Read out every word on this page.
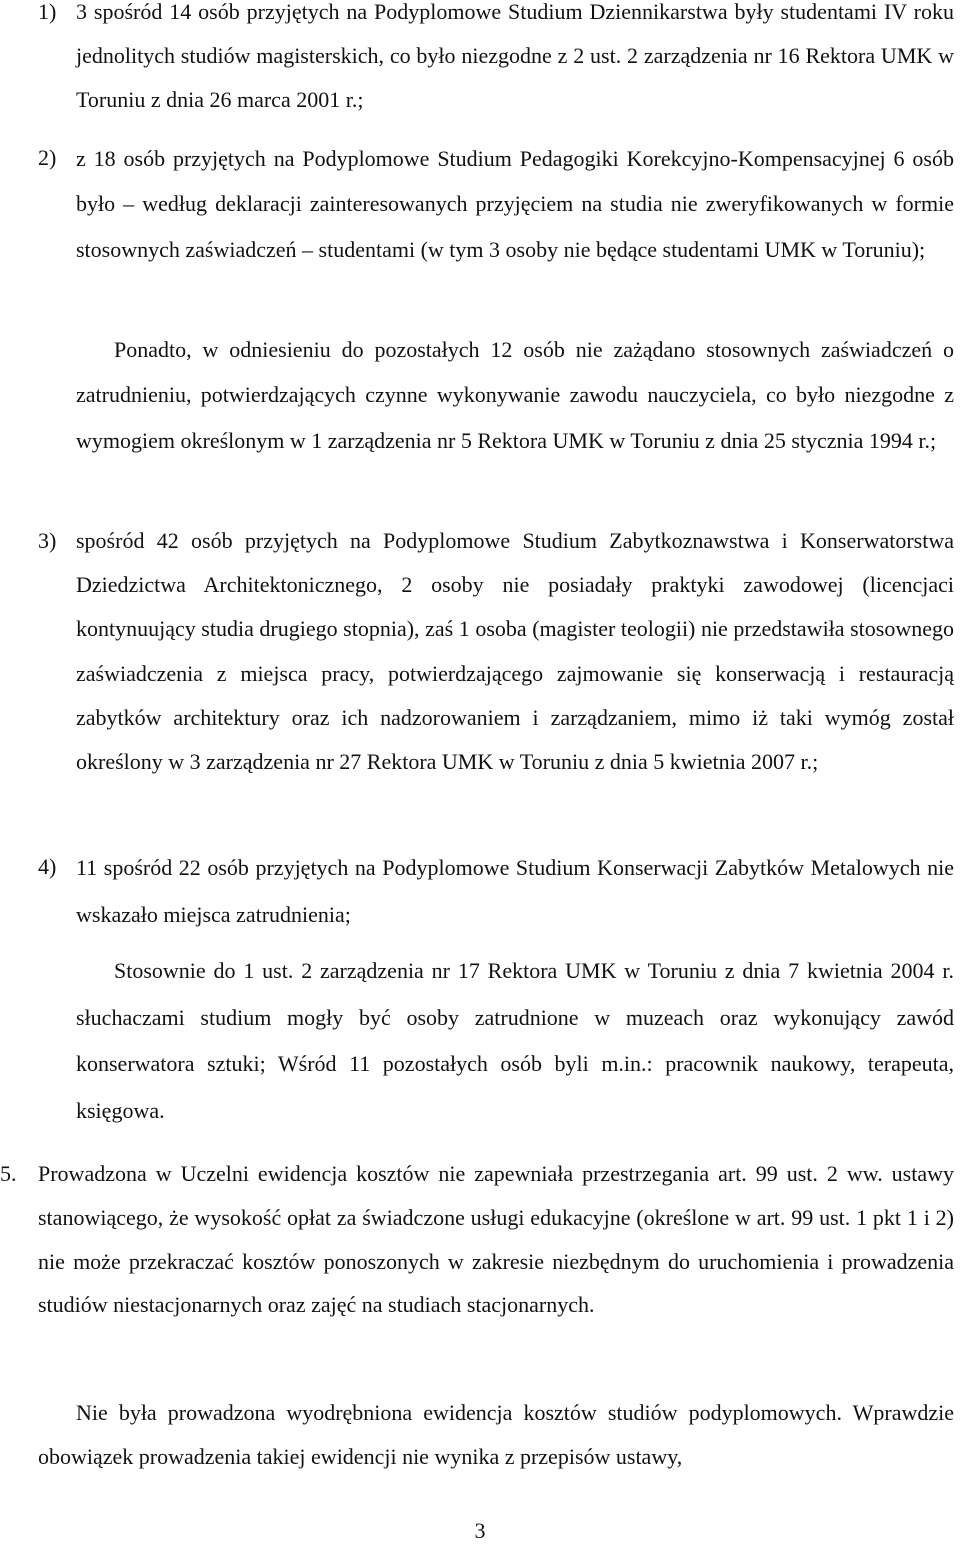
1) 3 spośród 14 osób przyjętych na Podyplomowe Studium Dziennikarstwa były studentami IV roku jednolitych studiów magisterskich, co było niezgodne z 2 ust. 2 zarządzenia nr 16 Rektora UMK w Toruniu z dnia 26 marca 2001 r.;
2) z 18 osób przyjętych na Podyplomowe Studium Pedagogiki Korekcyjno-Kompensacyjnej 6 osób było – według deklaracji zainteresowanych przyjęciem na studia nie zweryfikowanych w formie stosownych zaświadczeń – studentami (w tym 3 osoby nie będące studentami UMK w Toruniu);
Ponadto, w odniesieniu do pozostałych 12 osób nie zażądano stosownych zaświadczeń o zatrudnieniu, potwierdzających czynne wykonywanie zawodu nauczyciela, co było niezgodne z wymogiem określonym w 1 zarządzenia nr 5 Rektora UMK w Toruniu z dnia 25 stycznia 1994 r.;
3) spośród 42 osób przyjętych na Podyplomowe Studium Zabytkoznawstwa i Konserwatorstwa Dziedzictwa Architektonicznego, 2 osoby nie posiadały praktyki zawodowej (licencjaci kontynuujący studia drugiego stopnia), zaś 1 osoba (magister teologii) nie przedstawiła stosownego zaświadczenia z miejsca pracy, potwierdzającego zajmowanie się konserwacją i restauracją zabytków architektury oraz ich nadzorowaniem i zarządzaniem, mimo iż taki wymóg został określony w 3 zarządzenia nr 27 Rektora UMK w Toruniu z dnia 5 kwietnia 2007 r.;
4) 11 spośród 22 osób przyjętych na Podyplomowe Studium Konserwacji Zabytków Metalowych nie wskazało miejsca zatrudnienia;
Stosownie do 1 ust. 2 zarządzenia nr 17 Rektora UMK w Toruniu z dnia 7 kwietnia 2004 r. słuchaczami studium mogły być osoby zatrudnione w muzeach oraz wykonujący zawód konserwatora sztuki; Wśród 11 pozostałych osób byli m.in.: pracownik naukowy, terapeuta, księgowa.
5. Prowadzona w Uczelni ewidencja kosztów nie zapewniała przestrzegania art. 99 ust. 2 ww. ustawy stanowiącego, że wysokość opłat za świadczone usługi edukacyjne (określone w art. 99 ust. 1 pkt 1 i 2) nie może przekraczać kosztów ponoszonych w zakresie niezbędnym do uruchomienia i prowadzenia studiów niestacjonarnych oraz zajęć na studiach stacjonarnych.
Nie była prowadzona wyodrębniona ewidencja kosztów studiów podyplomowych. Wprawdzie obowiązek prowadzenia takiej ewidencji nie wynika z przepisów ustawy,
3
